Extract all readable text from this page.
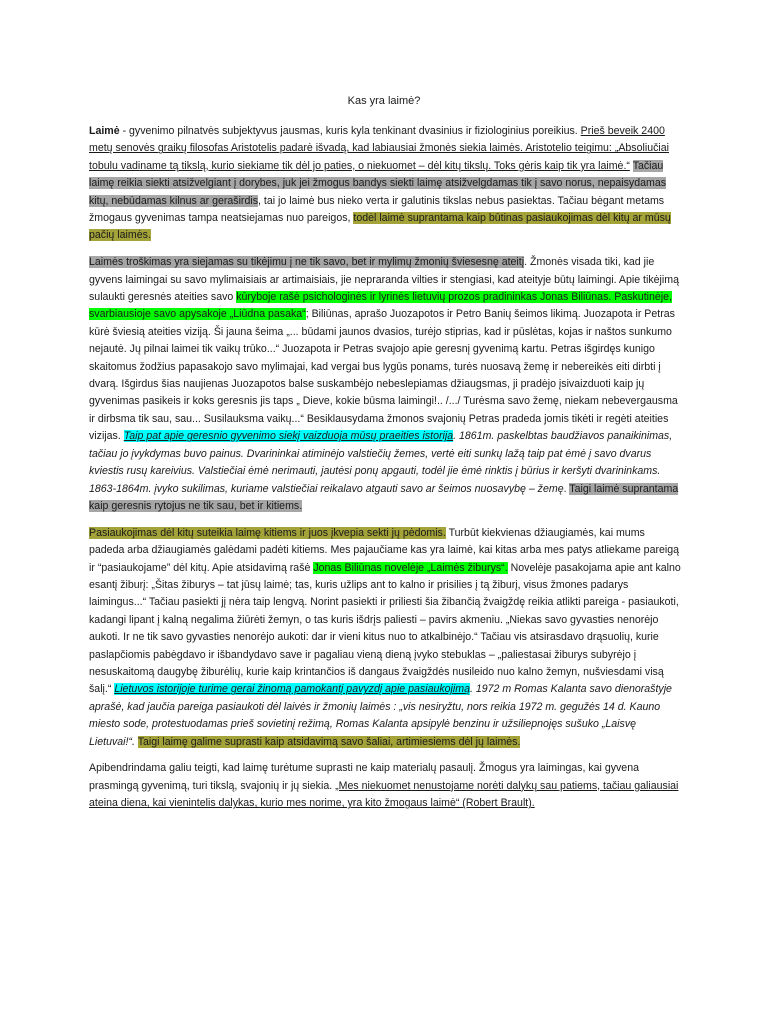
Kas yra laimė?

Laimė - gyvenimo pilnatvės subjektyvus jausmas, kuris kyla tenkinant dvasinius ir fiziologinius poreikius. Prieš beveik 2400 metų senovės graikų filosofas Aristotelis padarė išvadą, kad labiausiai žmonės siekia laimės. Aristotelio teigimu: „Absoliučiai tobulu vadiname tą tikslą, kurio siekiame tik dėl jo paties, o niekuomet – dėl kitų tikslų. Toks gėris kaip tik yra laimė.“ Tačiau laimę reikia siekti atsižvelgiant į dorybes, juk jei žmogus bandys siekti laimę atsižvelgdamas tik į savo norus, nepaisydamas kitų, nebūdamas kilnus ar geraširdis, tai jo laimė bus nieko verta ir galutinis tikslas nebus pasiektas. Tačiau bėgant metams žmogaus gyvenimas tampa neatsiejamas nuo pareigos, todėl laimė suprantama kaip būtinas pasiaukojimas dėl kitų ar mūsų pačių laimės.

Laimės troškimas yra siejamas su tikėjimu į ne tik savo, bet ir mylimų žmonių šviesesnę ateitį. Žmonės visada tiki, kad jie gyvens laimingai su savo mylimaisiais ar artimaisiais, jie nepraranda vilties ir stengiasi, kad ateityje būtų laimingi. Apie tikėjimą sulaukti geresnės ateities savo kūryboje rašė psichologinės ir lyrinės lietuvių prozos pradininkas Jonas Biliūnas. Paskutinėje, svarbiausioje savo apysakoje „Liūdna pasaka“; Biliūnas, aprašo Juozapotos ir Petro Banių šeimos likimą. Juozapota ir Petras kūrė šviesią ateities viziją. Ši jauna šeima „... būdami jaunos dvasios, turėjo stiprias, kad ir pūslėtas, kojas ir naštos sunkumo nejautė. Jų pilnai laimei tik vaikų trūko...“ Juozapota ir Petras svajojo apie geresnį gyvenimą kartu. Petras išgirdęs kunigo skaitomus žodžius papasakojo savo mylimajai, kad vergai bus lygūs ponams, turės nuosavą žemę ir nebereikės eiti dirbti į dvarą. Išgirdus šias naujienas Juozapotos balse suskambėjo nebeslepiamas džiaugsmas, ji pradėjo įsivaizduoti kaip jų gyvenimas pasikeis ir koks geresnis jis taps „ Dieve, kokie būsma laimingi!.. /.../ Turėsma savo žemę, niekam nebevergausma ir dirbsma tik sau, sau... Susilauksma vaikų...“ Besiklausydama žmonos svajonių Petras pradeda jomis tikėti ir regėti ateities vizijas. Taip pat apie geresnio gyvenimo siekį vaizduoja mūsų praeities istorija. 1861m. paskelbtas baudžiavos panaikinimas, tačiau jo įvykdymas buvo painus. Dvarininkai atiminėjo valstiečių žemes, vertė eiti sunkų lažą taip pat ėmė į savo dvarus kviestis rusų kareivius. Valstiečiai ėmė nerimauti, jautėsi ponų apgauti, todėl jie ėmė rinktis į būrius ir keršyti dvarininkams. 1863-1864m. įvyko sukilimas, kuriame valstiečiai reikalavo atgauti savo ar šeimos nuosavybę – žemę. Taigi laimė suprantama kaip geresnis rytojus ne tik sau, bet ir kitiems.

Pasiaukojimas dėl kitų suteikia laimę kitiems ir juos įkvepia sekti jų pėdomis. Turbūt kiekvienas džiaugiamės, kai mums padeda arba džiaugiamės galėdami padėti kitiems. Mes pajaučiame kas yra laimė, kai kitas arba mes patys atliekame pareigą ir “pasiaukojame” dėl kitų. Apie atsidavimą rašė Jonas Biliūnas novelėje „Laimės žiburys“. Novelėje pasakojama apie ant kalno esantį žiburį: „Šitas žiburys – tat jūsų laimė; tas, kuris užlips ant to kalno ir prisilies į tą žiburį, visus žmones padarys laimingus...“ Tačiau pasiekti jį nėra taip lengvą. Norint pasiekti ir priliesti šia žibančią žvaigždę reikia atlikti pareiga - pasiaukoti, kadangi lipant į kalną negalima žiūrėti žemyn, o tas kuris išdrįs paliesti – pavirs akmeniu. „Niekas savo gyvasties nenorėjo aukoti. Ir ne tik savo gyvasties nenorėjo aukoti: dar ir vieni kitus nuo to atkalbinėjo.“ Tačiau vis atsirasdavo drąsuolių, kurie paslapčiomis pabėgdavo ir išbandydavo save ir pagaliau vieną dieną įvyko stebuklas – „paliestasai žiburys subyrėjo į nesuskaitomą daugybę žiburėlių, kurie kaip krintančios iš dangaus žvaigždės nusileido nuo kalno žemyn, nušviesdami visą šalį.“ Lietuvos istorijoje turime gerai žinomą pamokantį pavyzdį apie pasiaukojimą. 1972 m Romas Kalanta savo dienoraštyje aprašė, kad jaučia pareiga pasiaukoti dėl laivės ir žmonių laimės : „vis nesiryžtu, nors reikia 1972 m. gegužės 14 d. Kauno miesto sode, protestuodamas prieš sovietinį režimą, Romas Kalanta apsipylė benzinu ir užsiliepnojęs sušuko „Laisvę Lietuvai!“. Taigi laimę galime suprasti kaip atsidavimą savo šaliai, artimiesiems dėl jų laimės.

Apibendrindama galiu teigti, kad laimę turėtume suprasti ne kaip materialų pasaulį. Žmogus yra laimingas, kai gyvena prasmingą gyvenimą, turi tikslą, svajonių ir jų siekia. „Mes niekuomet nenustojame norėti dalykų sau patiems, tačiau galiausiai ateina diena, kai vienintelis dalykas, kurio mes norime, yra kito žmogaus laimė“ (Robert Brault).
